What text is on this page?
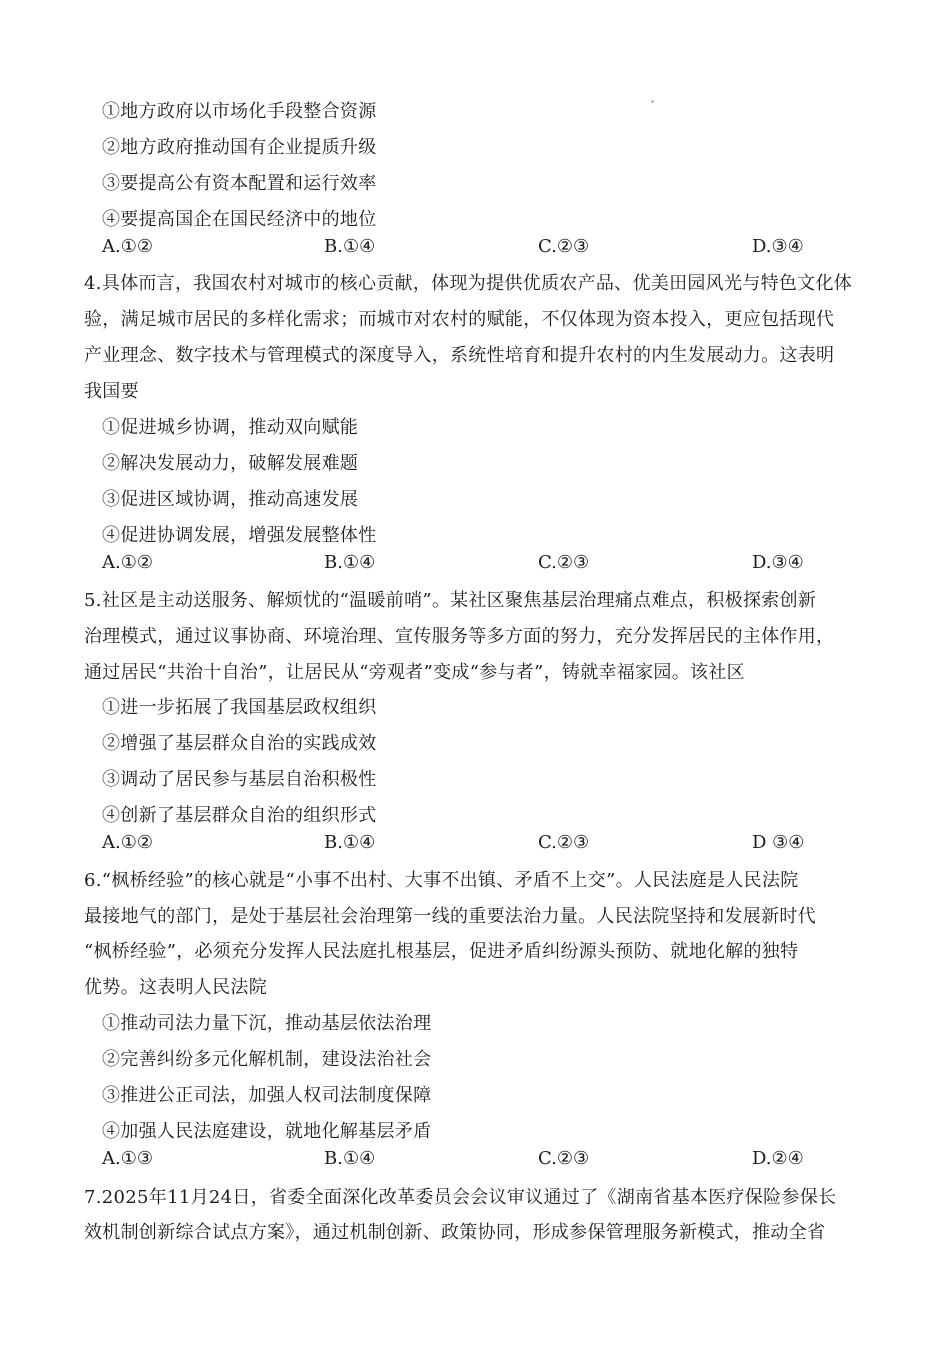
①地方政府以市场化手段整合资源
②地方政府推动国有企业提质升级
③要提高公有资本配置和运行效率
④要提高国企在国民经济中的地位
A.①②	B.①④	C.②③	D.③④
4.具体而言，我国农村对城市的核心贡献，体现为提供优质农产品、优美田园风光与特色文化体
验，满足城市居民的多样化需求；而城市对农村的赋能，不仅体现为资本投入，更应包括现代
产业理念、数字技术与管理模式的深度导入，系统性培育和提升农村的内生发展动力。这表明
我国要
①促进城乡协调，推动双向赋能
②解决发展动力，破解发展难题
③促进区域协调，推动高速发展
④促进协调发展，增强发展整体性
A.①②	B.①④	C.②③	D.③④
5.社区是主动送服务、解烦忧的“温暖前哨”。某社区聚焦基层治理痛点难点，积极探索创新
治理模式，通过议事协商、环境治理、宣传服务等多方面的努力，充分发挥居民的主体作用，
通过居民“共治十自治”，让居民从“旁观者”变成“参与者”，铸就幸福家园。该社区
①进一步拓展了我国基层政权组织
②增强了基层群众自治的实践成效
③调动了居民参与基层自治积极性
④创新了基层群众自治的组织形式
A.①②	B.①④	C.②③	D ③④
6.“枫桥经验”的核心就是“小事不出村、大事不出镇、矛盾不上交”。人民法庭是人民法院
最接地气的部门，是处于基层社会治理第一线的重要法治力量。人民法院坚持和发展新时代
“枫桥经验”，必须充分发挥人民法庭扎根基层，促进矛盾纠纷源头预防、就地化解的独特
优势。这表明人民法院
①推动司法力量下沉，推动基层依法治理
②完善纠纷多元化解机制，建设法治社会
③推进公正司法，加强人权司法制度保障
④加强人民法庭建设，就地化解基层矛盾
A.①③	B.①④	C.②③	D.②④
7.2025年11月24日，省委全面深化改革委员会会议审议通过了《湖南省基本医疗保险参保长
效机制创新综合试点方案》，通过机制创新、政策协同，形成参保管理服务新模式，推动全省
